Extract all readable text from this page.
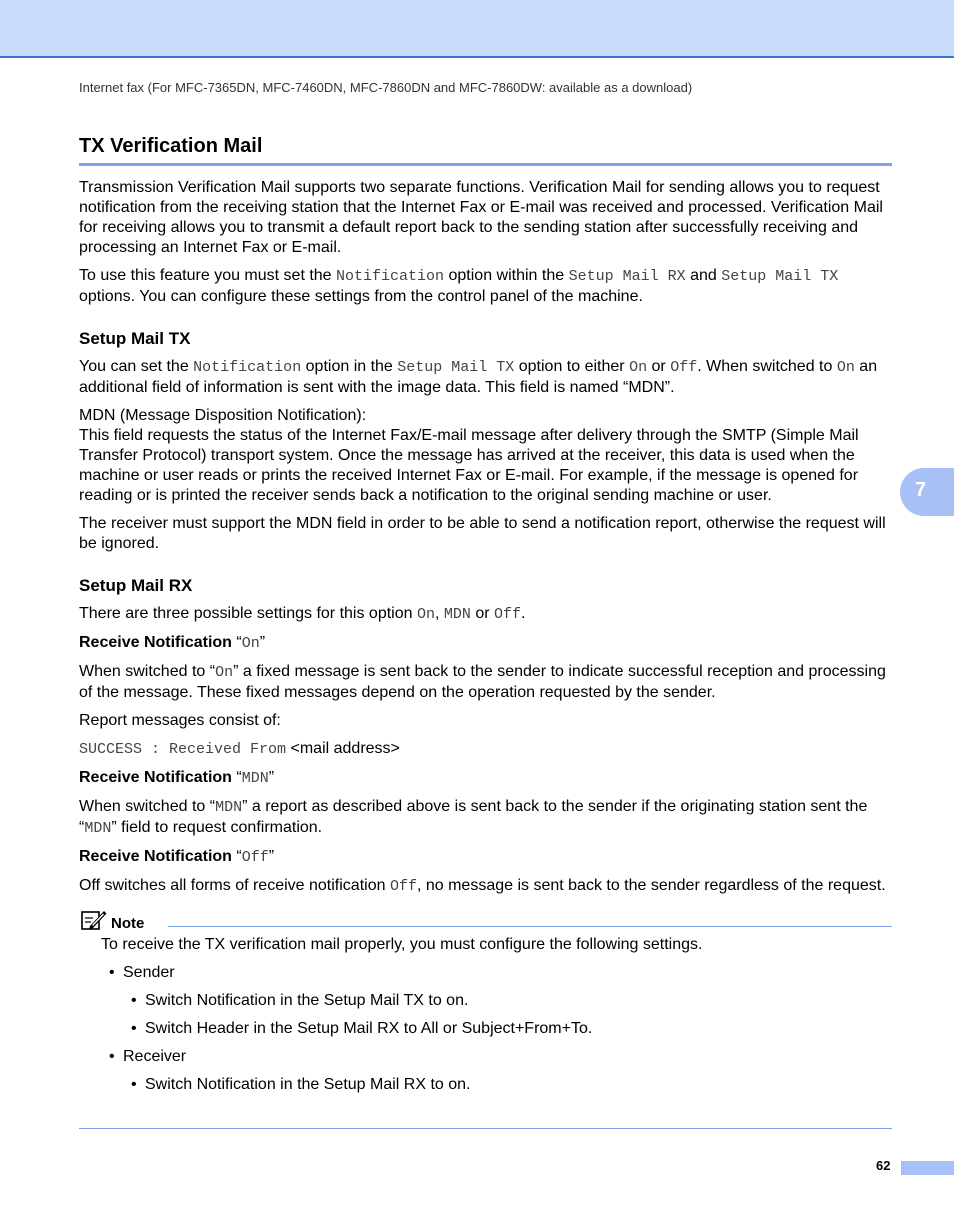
Internet fax (For MFC-7365DN, MFC-7460DN, MFC-7860DN and MFC-7860DW: available as a download)
TX Verification Mail

Transmission Verification Mail supports two separate functions. Verification Mail for sending allows you to request notification from the receiving station that the Internet Fax or E-mail was received and processed. Verification Mail for receiving allows you to transmit a default report back to the sending station after successfully receiving and processing an Internet Fax or E-mail.

To use this feature you must set the Notification option within the Setup Mail RX and Setup Mail TX options. You can configure these settings from the control panel of the machine.

Setup Mail TX

You can set the Notification option in the Setup Mail TX option to either On or Off. When switched to On an additional field of information is sent with the image data. This field is named “MDN”.

MDN (Message Disposition Notification):

This field requests the status of the Internet Fax/E-mail message after delivery through the SMTP (Simple Mail Transfer Protocol) transport system. Once the message has arrived at the receiver, this data is used when the machine or user reads or prints the received Internet Fax or E-mail. For example, if the message is opened for reading or is printed the receiver sends back a notification to the original sending machine or user.

The receiver must support the MDN field in order to be able to send a notification report, otherwise the request will be ignored.

Setup Mail RX

There are three possible settings for this option On, MDN or Off.

Receive Notification “On”

When switched to “On” a fixed message is sent back to the sender to indicate successful reception and processing of the message. These fixed messages depend on the operation requested by the sender.

Report messages consist of:

SUCCESS : Received From <mail address>

Receive Notification “MDN”

When switched to “MDN” a report as described above is sent back to the sender if the originating station sent the “MDN” field to request confirmation.

Receive Notification “Off”

Off switches all forms of receive notification Off, no message is sent back to the sender regardless of the request.

Note

To receive the TX verification mail properly, you must configure the following settings.

• Sender
• Switch Notification in the Setup Mail TX to on.
• Switch Header in the Setup Mail RX to All or Subject+From+To.
• Receiver
• Switch Notification in the Setup Mail RX to on.
7
62
